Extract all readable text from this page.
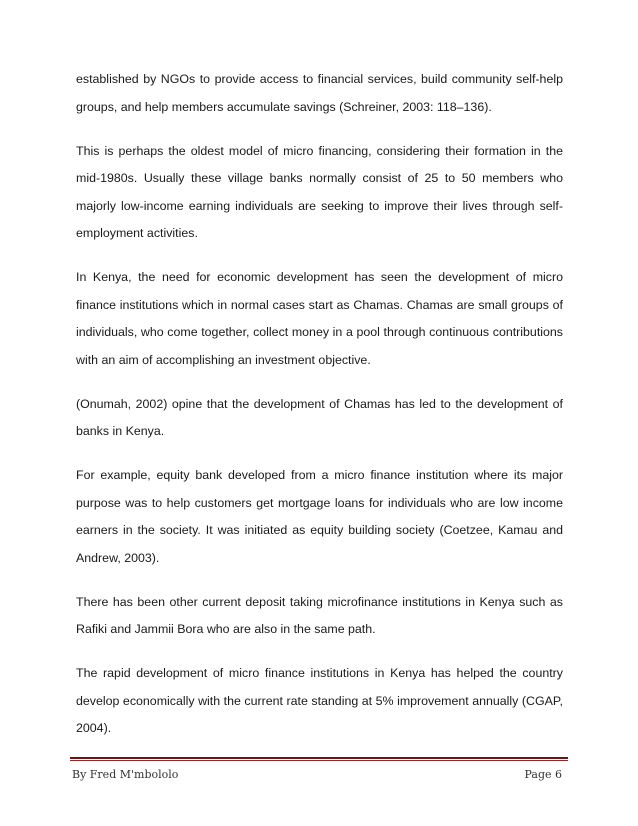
established by NGOs to provide access to financial services, build community self-help groups, and help members accumulate savings (Schreiner, 2003: 118–136).

This is perhaps the oldest model of micro financing, considering their formation in the mid-1980s. Usually these village banks normally consist of 25 to 50 members who majorly low-income earning individuals are seeking to improve their lives through self-employment activities.

In Kenya, the need for economic development has seen the development of micro finance institutions which in normal cases start as Chamas. Chamas are small groups of individuals, who come together, collect money in a pool through continuous contributions with an aim of accomplishing an investment objective.

(Onumah, 2002) opine that the development of Chamas has led to the development of banks in Kenya.

For example, equity bank developed from a micro finance institution where its major purpose was to help customers get mortgage loans for individuals who are low income earners in the society. It was initiated as equity building society (Coetzee, Kamau and Andrew, 2003).

There has been other current deposit taking microfinance institutions in Kenya such as Rafiki and Jammii Bora who are also in the same path.

The rapid development of micro finance institutions in Kenya has helped the country develop economically with the current rate standing at 5% improvement annually (CGAP, 2004).

By Fred M'mbololo	Page 6
